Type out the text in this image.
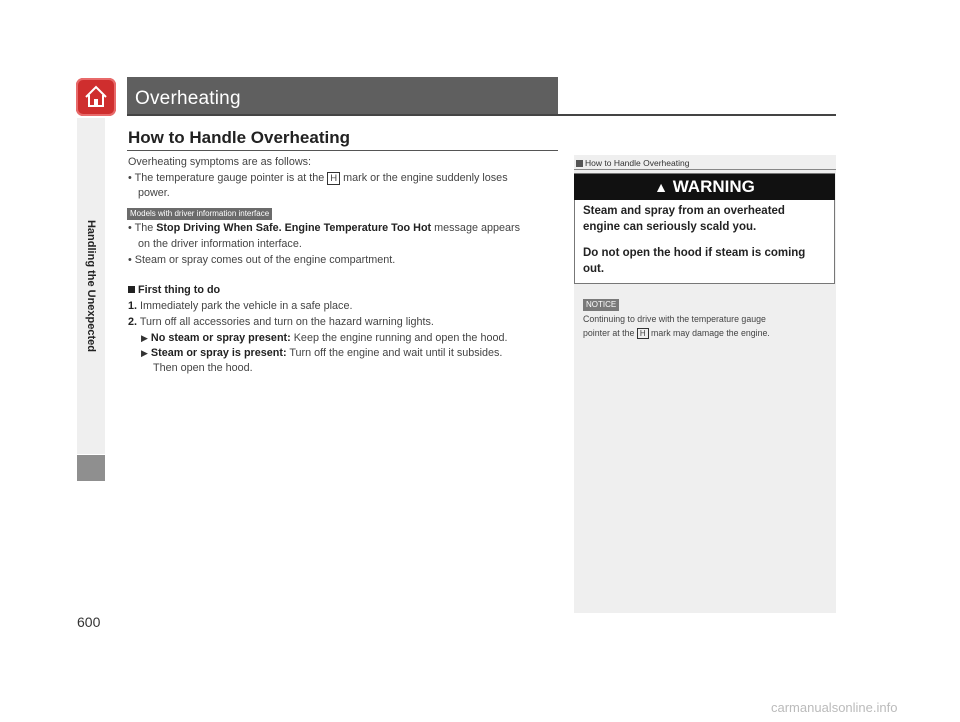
Handling the Unexpected
Overheating
How to Handle Overheating
Overheating symptoms are as follows:
• The temperature gauge pointer is at the H mark or the engine suddenly loses
power.
Models with driver information interface
• The Stop Driving When Safe. Engine Temperature Too Hot message appears
on the driver information interface.
• Steam or spray comes out of the engine compartment.
First thing to do
1. Immediately park the vehicle in a safe place.
2. Turn off all accessories and turn on the hazard warning lights.
▶ No steam or spray present: Keep the engine running and open the hood.
▶ Steam or spray is present: Turn off the engine and wait until it subsides.
Then open the hood.
How to Handle Overheating
▲ WARNING
Steam and spray from an overheated
engine can seriously scald you.
Do not open the hood if steam is coming
out.
NOTICE
Continuing to drive with the temperature gauge
pointer at the H mark may damage the engine.
600
carmanualsonline.info
